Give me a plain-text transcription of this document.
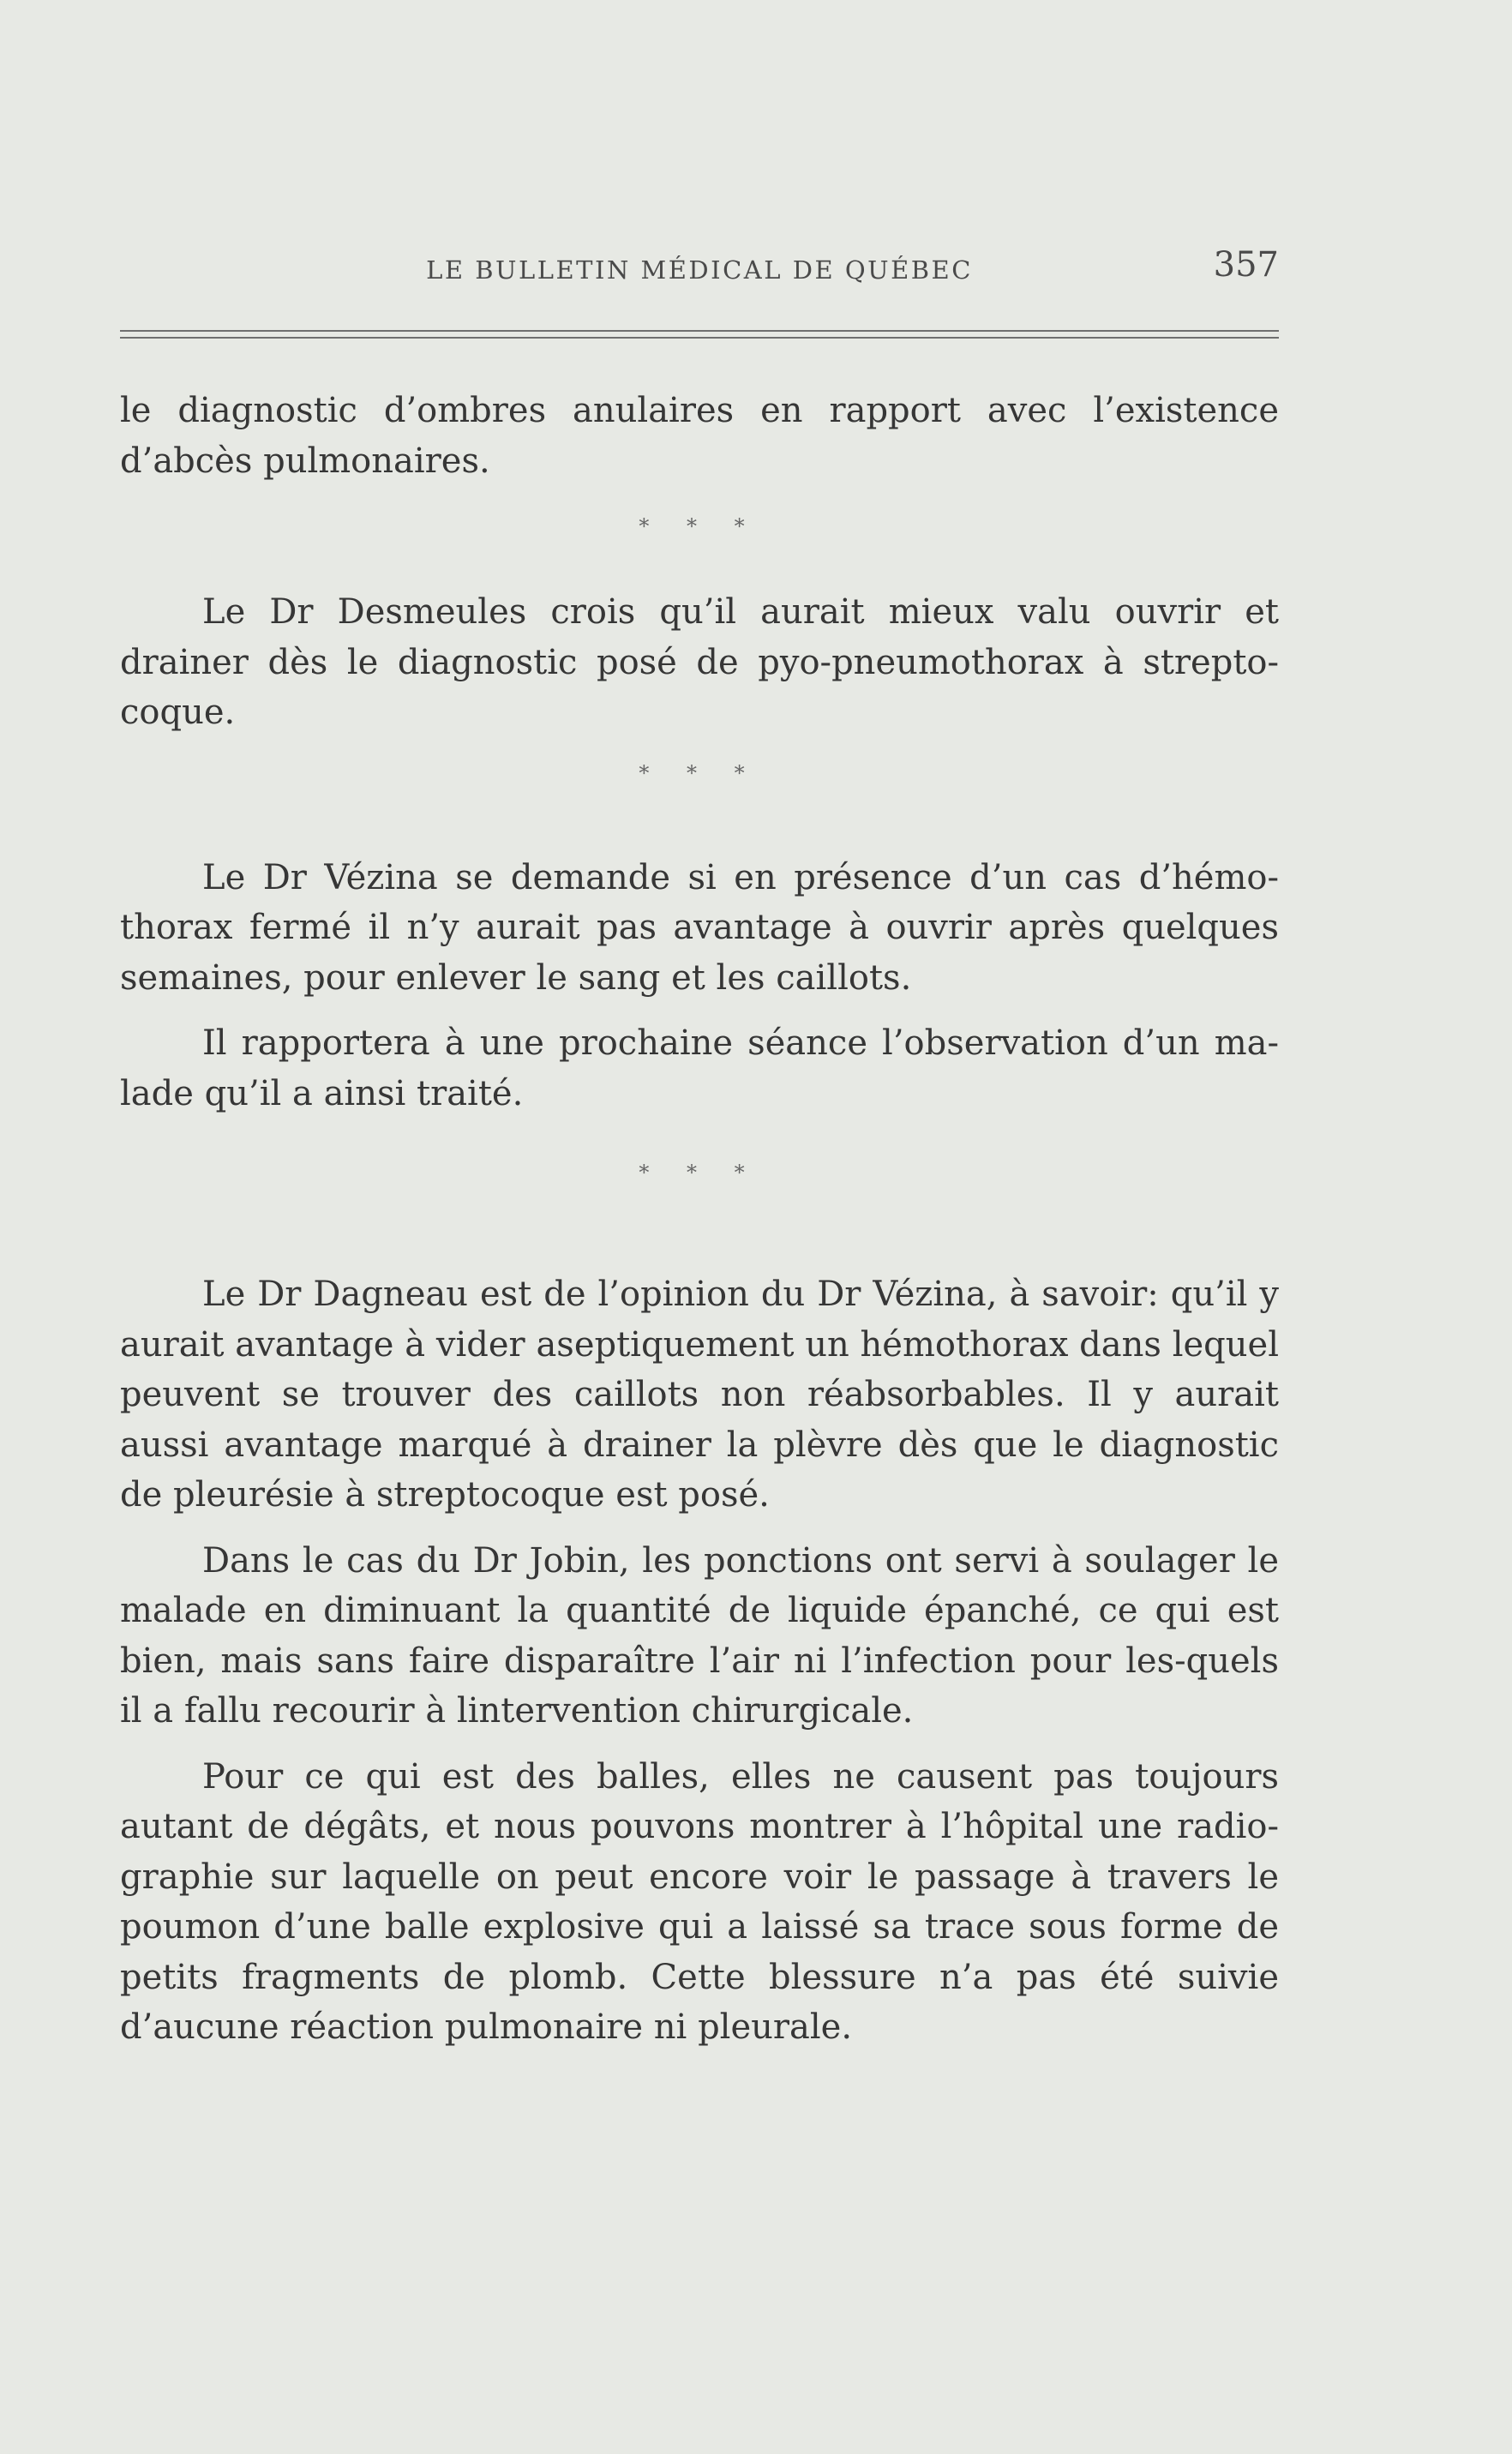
LE BULLETIN MÉDICAL DE QUÉBEC	357

le diagnostic d’ombres anulaires en rapport avec l’existence d’abcès pulmonaires.

* * *

Le Dr Desmeules crois qu’il aurait mieux valu ouvrir et drainer dès le diagnostic posé de pyo-pneumothorax à strepto-coque.

* * *

Le Dr Vézina se demande si en présence d’un cas d’hémo-thorax fermé il n’y aurait pas avantage à ouvrir après quelques semaines, pour enlever le sang et les caillots.

Il rapportera à une prochaine séance l’observation d’un ma-lade qu’il a ainsi traité.

* * *

Le Dr Dagneau est de l’opinion du Dr Vézina, à savoir: qu’il y aurait avantage à vider aseptiquement un hémothorax dans lequel peuvent se trouver des caillots non réabsorbables. Il y aurait aussi avantage marqué à drainer la plèvre dès que le diagnostic de pleurésie à streptocoque est posé.

Dans le cas du Dr Jobin, les ponctions ont servi à soulager le malade en diminuant la quantité de liquide épanché, ce qui est bien, mais sans faire disparaître l’air ni l’infection pour les-quels il a fallu recourir à lintervention chirurgicale.

Pour ce qui est des balles, elles ne causent pas toujours autant de dégâts, et nous pouvons montrer à l’hôpital une radio-graphie sur laquelle on peut encore voir le passage à travers le poumon d’une balle explosive qui a laissé sa trace sous forme de petits fragments de plomb. Cette blessure n’a pas été suivie d’aucune réaction pulmonaire ni pleurale.
